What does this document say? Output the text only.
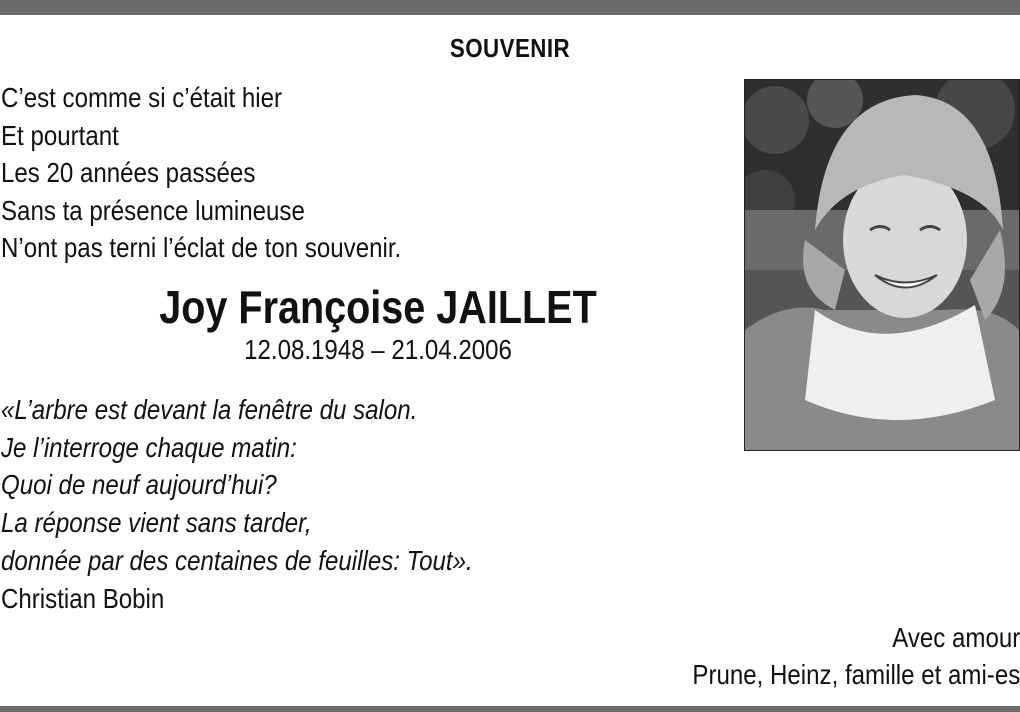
SOUVENIR
C’est comme si c’était hier
Et pourtant
Les 20 années passées
Sans ta présence lumineuse
N’ont pas terni l’éclat de ton souvenir.
Joy Françoise JAILLET
12.08.1948 – 21.04.2006
«L’arbre est devant la fenêtre du salon.
Je l’interroge chaque matin:
Quoi de neuf aujourd’hui?
La réponse vient sans tarder,
donnée par des centaines de feuilles: Tout».
Christian Bobin
Avec amour
Prune, Heinz, famille et ami-es
